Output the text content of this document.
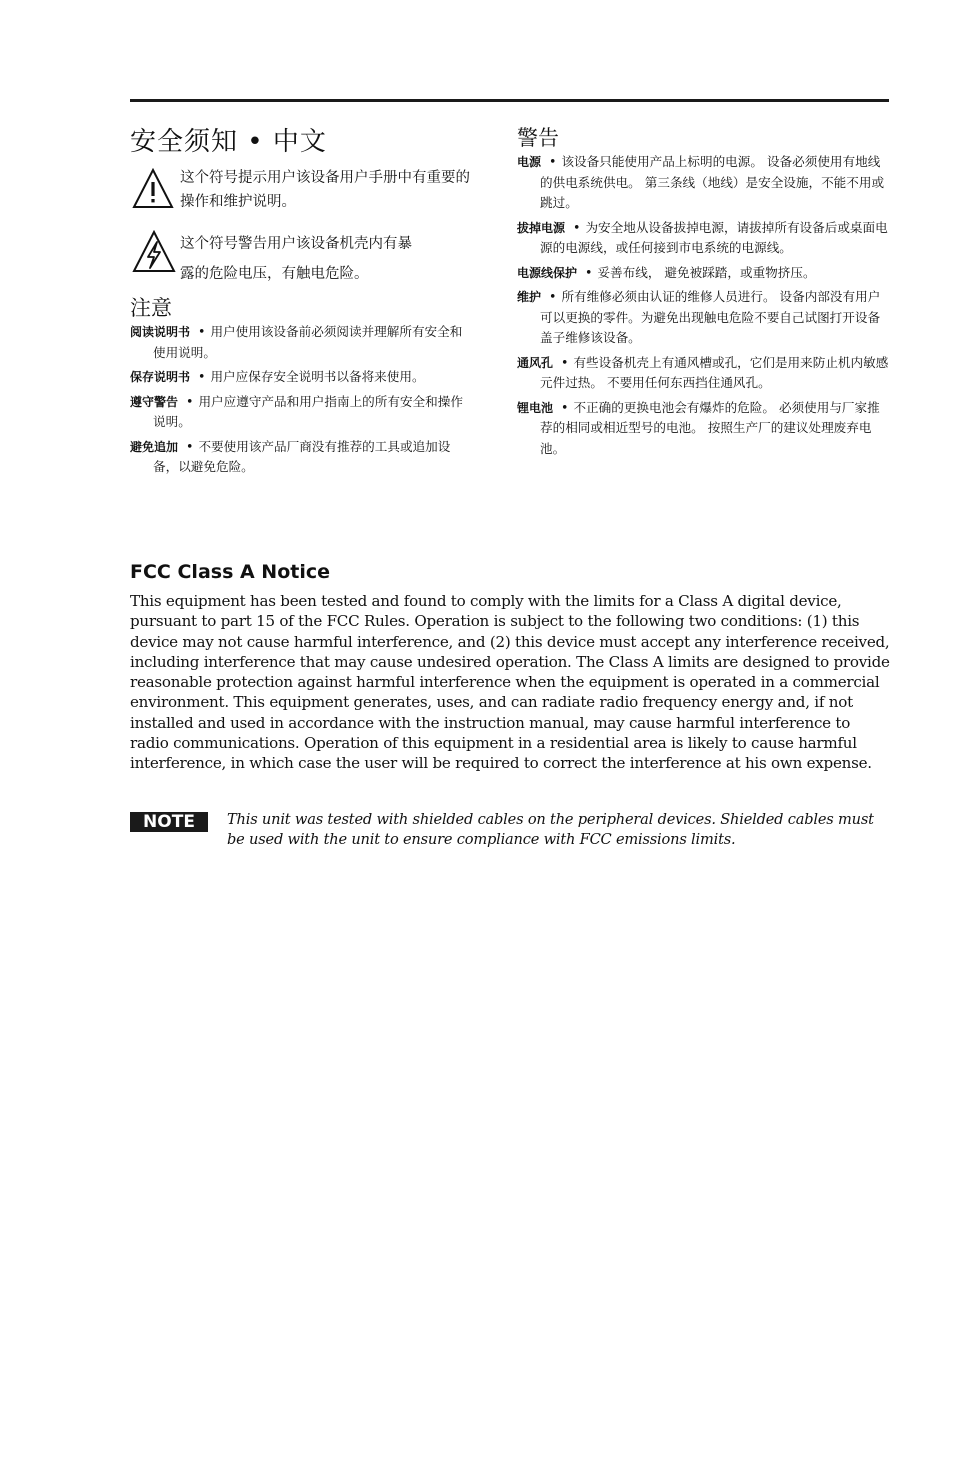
安全须知 • 中文
这个符号提示用户该设备用户手册中有重要的操作和维护说明。
这个符号警告用户该设备机壳内有暴
露的危险电压，有触电危险。
注意
阅读说明书 • 用户使用该设备前必须阅读并理解所有安全和使用说明。
保存说明书 • 用户应保存安全说明书以备将来使用。
遵守警告 • 用户应遵守产品和用户指南上的所有安全和操作说明。
避免追加 • 不要使用该产品厂商没有推荐的工具或追加设备，以避免危险。
警告
电源 • 该设备只能使用产品上标明的电源。 设备必须使用有地线的供电系统供电。 第三条线（地线）是安全设施，不能不用或跳过。
拔掉电源 • 为安全地从设备拔掉电源，请拔掉所有设备后或桌面电源的电源线，或任何接到市电系统的电源线。
电源线保护 • 妥善布线， 避免被踩踏，或重物挤压。
维护 • 所有维修必须由认证的维修人员进行。 设备内部没有用户可以更换的零件。为避免出现触电危险不要自己试图打开设备盖子维修该设备。
通风孔 • 有些设备机壳上有通风槽或孔，它们是用来防止机内敏感元件过热。 不要用任何东西挡住通风孔。
锂电池 • 不正确的更换电池会有爆炸的危险。 必须使用与厂家推荐的相同或相近型号的电池。 按照生产厂的建议处理废弃电池。
FCC Class A Notice

This equipment has been tested and found to comply with the limits for a Class A digital device, pursuant to part 15 of the FCC Rules. Operation is subject to the following two conditions: (1) this device may not cause harmful interference, and (2) this device must accept any interference received, including interference that may cause undesired operation. The Class A limits are designed to provide reasonable protection against harmful interference when the equipment is operated in a commercial environment. This equipment generates, uses, and can radiate radio frequency energy and, if not installed and used in accordance with the instruction manual, may cause harmful interference to radio communications. Operation of this equipment in a residential area is likely to cause harmful interference, in which case the user will be required to correct the interference at his own expense.

NOTE	This unit was tested with shielded cables on the peripheral devices. Shielded cables must be used with the unit to ensure compliance with FCC emissions limits.
